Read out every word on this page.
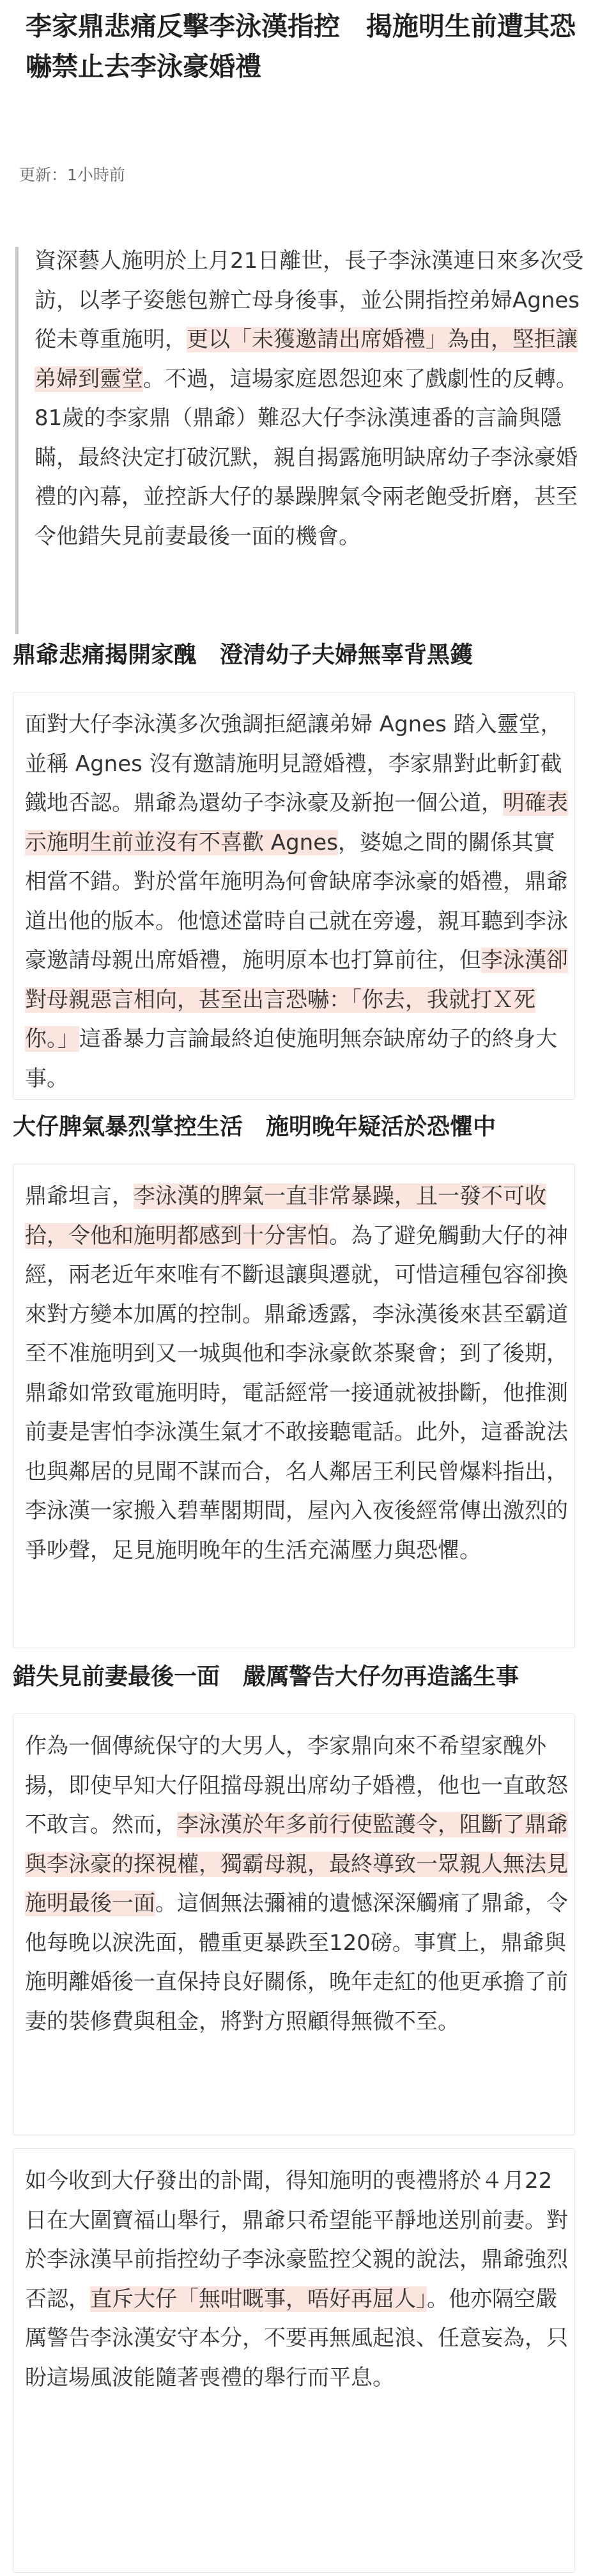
李家鼎悲痛反擊李泳漢指控　揭施明生前遭其恐嚇禁止去李泳豪婚禮
更新：1小時前

資深藝人施明於上月21日離世，長子李泳漢連日來多次受訪，以孝子姿態包辦亡母身後事，並公開指控弟婦Agnes從未尊重施明，更以「未獲邀請出席婚禮」為由，堅拒讓弟婦到靈堂。不過，這場家庭恩怨迎來了戲劇性的反轉。81歲的李家鼎（鼎爺）難忍大仔李泳漢連番的言論與隱瞞，最終決定打破沉默，親自揭露施明缺席幼子李泳豪婚禮的內幕，並控訴大仔的暴躁脾氣令兩老飽受折磨，甚至令他錯失見前妻最後一面的機會。

鼎爺悲痛揭開家醜　澄清幼子夫婦無辜背黑鑊

面對大仔李泳漢多次強調拒絕讓弟婦 Agnes 踏入靈堂，並稱 Agnes 沒有邀請施明見證婚禮，李家鼎對此斬釘截鐵地否認。鼎爺為還幼子李泳豪及新抱一個公道，明確表示施明生前並沒有不喜歡 Agnes，婆媳之間的關係其實相當不錯。對於當年施明為何會缺席李泳豪的婚禮，鼎爺道出他的版本。他憶述當時自己就在旁邊，親耳聽到李泳豪邀請母親出席婚禮，施明原本也打算前往，但李泳漢卻對母親惡言相向，甚至出言恐嚇：「你去，我就打Ｘ死你。」這番暴力言論最終迫使施明無奈缺席幼子的終身大事。

大仔脾氣暴烈掌控生活　施明晚年疑活於恐懼中

鼎爺坦言，李泳漢的脾氣一直非常暴躁，且一發不可收拾，令他和施明都感到十分害怕。為了避免觸動大仔的神經，兩老近年來唯有不斷退讓與遷就，可惜這種包容卻換來對方變本加厲的控制。鼎爺透露，李泳漢後來甚至霸道至不准施明到又一城與他和李泳豪飲茶聚會；到了後期，鼎爺如常致電施明時，電話經常一接通就被掛斷，他推測前妻是害怕李泳漢生氣才不敢接聽電話。此外，這番說法也與鄰居的見聞不謀而合，名人鄰居王利民曾爆料指出，李泳漢一家搬入碧華閣期間，屋內入夜後經常傳出激烈的爭吵聲，足見施明晚年的生活充滿壓力與恐懼。

錯失見前妻最後一面　嚴厲警告大仔勿再造謠生事

作為一個傳統保守的大男人，李家鼎向來不希望家醜外揚，即使早知大仔阻擋母親出席幼子婚禮，他也一直敢怒不敢言。然而，李泳漢於年多前行使監護令，阻斷了鼎爺與李泳豪的探視權，獨霸母親，最終導致一眾親人無法見施明最後一面。這個無法彌補的遺憾深深觸痛了鼎爺，令他每晚以淚洗面，體重更暴跌至120磅。事實上，鼎爺與施明離婚後一直保持良好關係，晚年走紅的他更承擔了前妻的裝修費與租金，將對方照顧得無微不至。

如今收到大仔發出的訃聞，得知施明的喪禮將於４月22日在大圍寶福山舉行，鼎爺只希望能平靜地送別前妻。對於李泳漢早前指控幼子李泳豪監控父親的說法，鼎爺強烈否認，直斥大仔「無咁嘅事，唔好再屈人」。他亦隔空嚴厲警告李泳漢安守本分，不要再無風起浪、任意妄為，只盼這場風波能隨著喪禮的舉行而平息。
